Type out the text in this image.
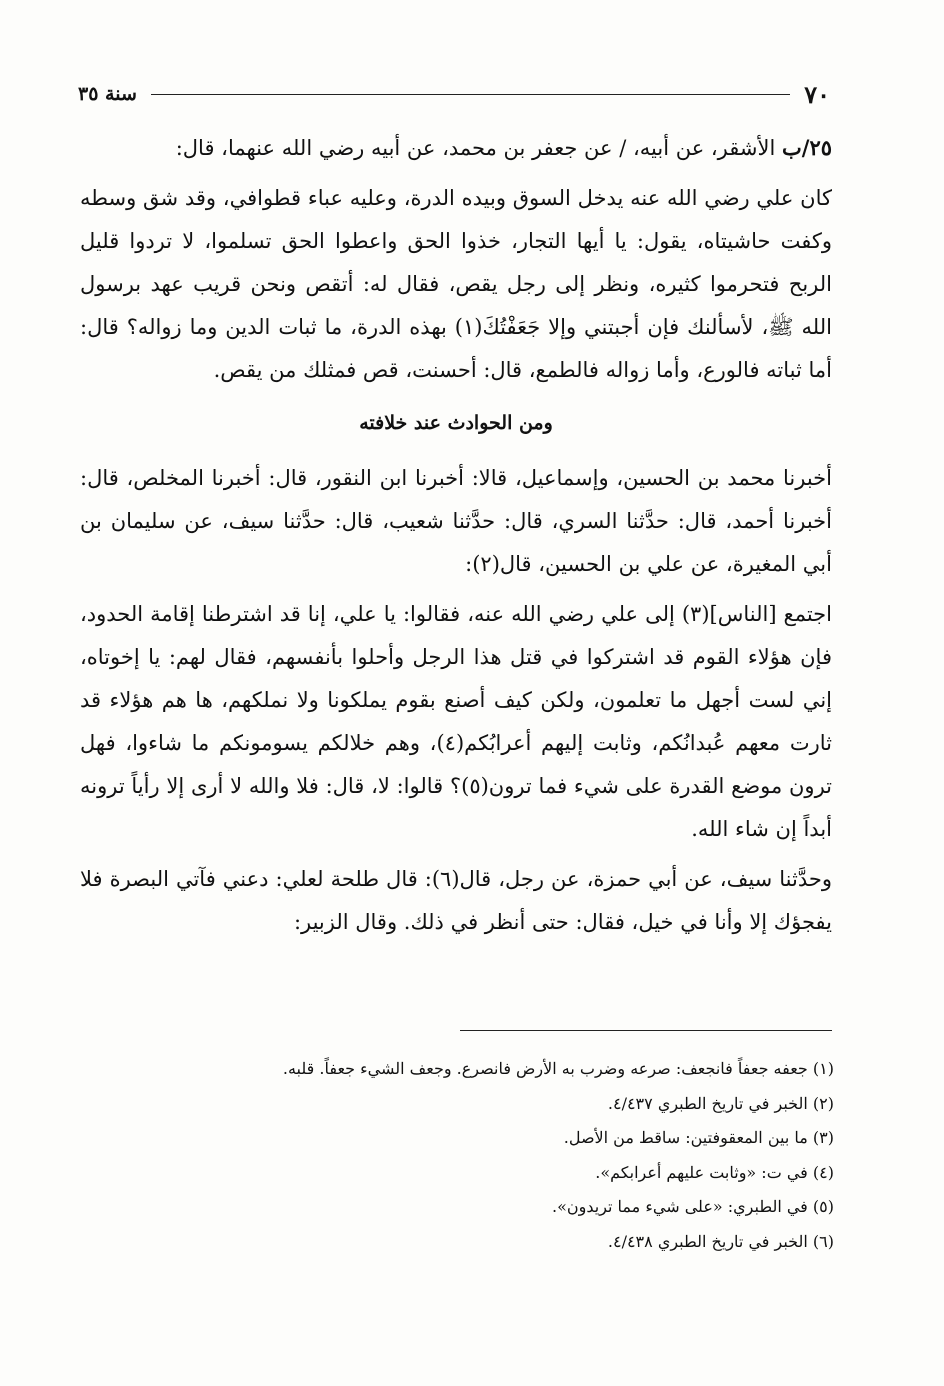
٧٠
سنة ٣٥

٢٥/ب الأشقر، عن أبيه، / عن جعفر بن محمد، عن أبيه رضي الله عنهما، قال:

كان علي رضي الله عنه يدخل السوق وبيده الدرة، وعليه عباء قطوافي، وقد شق وسطه وكفت حاشيتاه، يقول: يا أيها التجار، خذوا الحق واعطوا الحق تسلموا، لا تردوا قليل الربح فتحرموا كثيره، ونظر إلى رجل يقص، فقال له: أتقص ونحن قريب عهد برسول الله ﷺ، لأسألنك فإن أجبتني وإلا جَعَفْتُكَ(١) بهذه الدرة، ما ثبات الدين وما زواله؟ قال: أما ثباته فالورع، وأما زواله فالطمع، قال: أحسنت، قص فمثلك من يقص.

ومن الحوادث عند خلافته

أخبرنا محمد بن الحسين، وإسماعيل، قالا: أخبرنا ابن النقور، قال: أخبرنا المخلص، قال: أخبرنا أحمد، قال: حدَّثنا السري، قال: حدَّثنا شعيب، قال: حدَّثنا سيف، عن سليمان بن أبي المغيرة، عن علي بن الحسين، قال(٢):

اجتمع [الناس](٣) إلى علي رضي الله عنه، فقالوا: يا علي، إنا قد اشترطنا إقامة الحدود، فإن هؤلاء القوم قد اشتركوا في قتل هذا الرجل وأحلوا بأنفسهم، فقال لهم: يا إخوتاه، إني لست أجهل ما تعلمون، ولكن كيف أصنع بقوم يملكونا ولا نملكهم، ها هم هؤلاء قد ثارت معهم عُبدانُكم، وثابت إليهم أعرابُكم(٤)، وهم خلالكم يسومونكم ما شاءوا، فهل ترون موضع القدرة على شيء فما ترون(٥)؟ قالوا: لا، قال: فلا والله لا أرى إلا رأياً ترونه أبداً إن شاء الله.

وحدَّثنا سيف، عن أبي حمزة، عن رجل، قال(٦): قال طلحة لعلي: دعني فآتي البصرة فلا يفجؤك إلا وأنا في خيل، فقال: حتى أنظر في ذلك. وقال الزبير:

(١) جعفه جعفاً فانجعف: صرعه وضرب به الأرض فانصرع. وجعف الشيء جعفاً. قلبه.
(٢) الخبر في تاريخ الطبري ٤/٤٣٧.
(٣) ما بين المعقوفتين: ساقط من الأصل.
(٤) في ت: «وثابت عليهم أعرابكم».
(٥) في الطبري: «على شيء مما تريدون».
(٦) الخبر في تاريخ الطبري ٤/٤٣٨.
